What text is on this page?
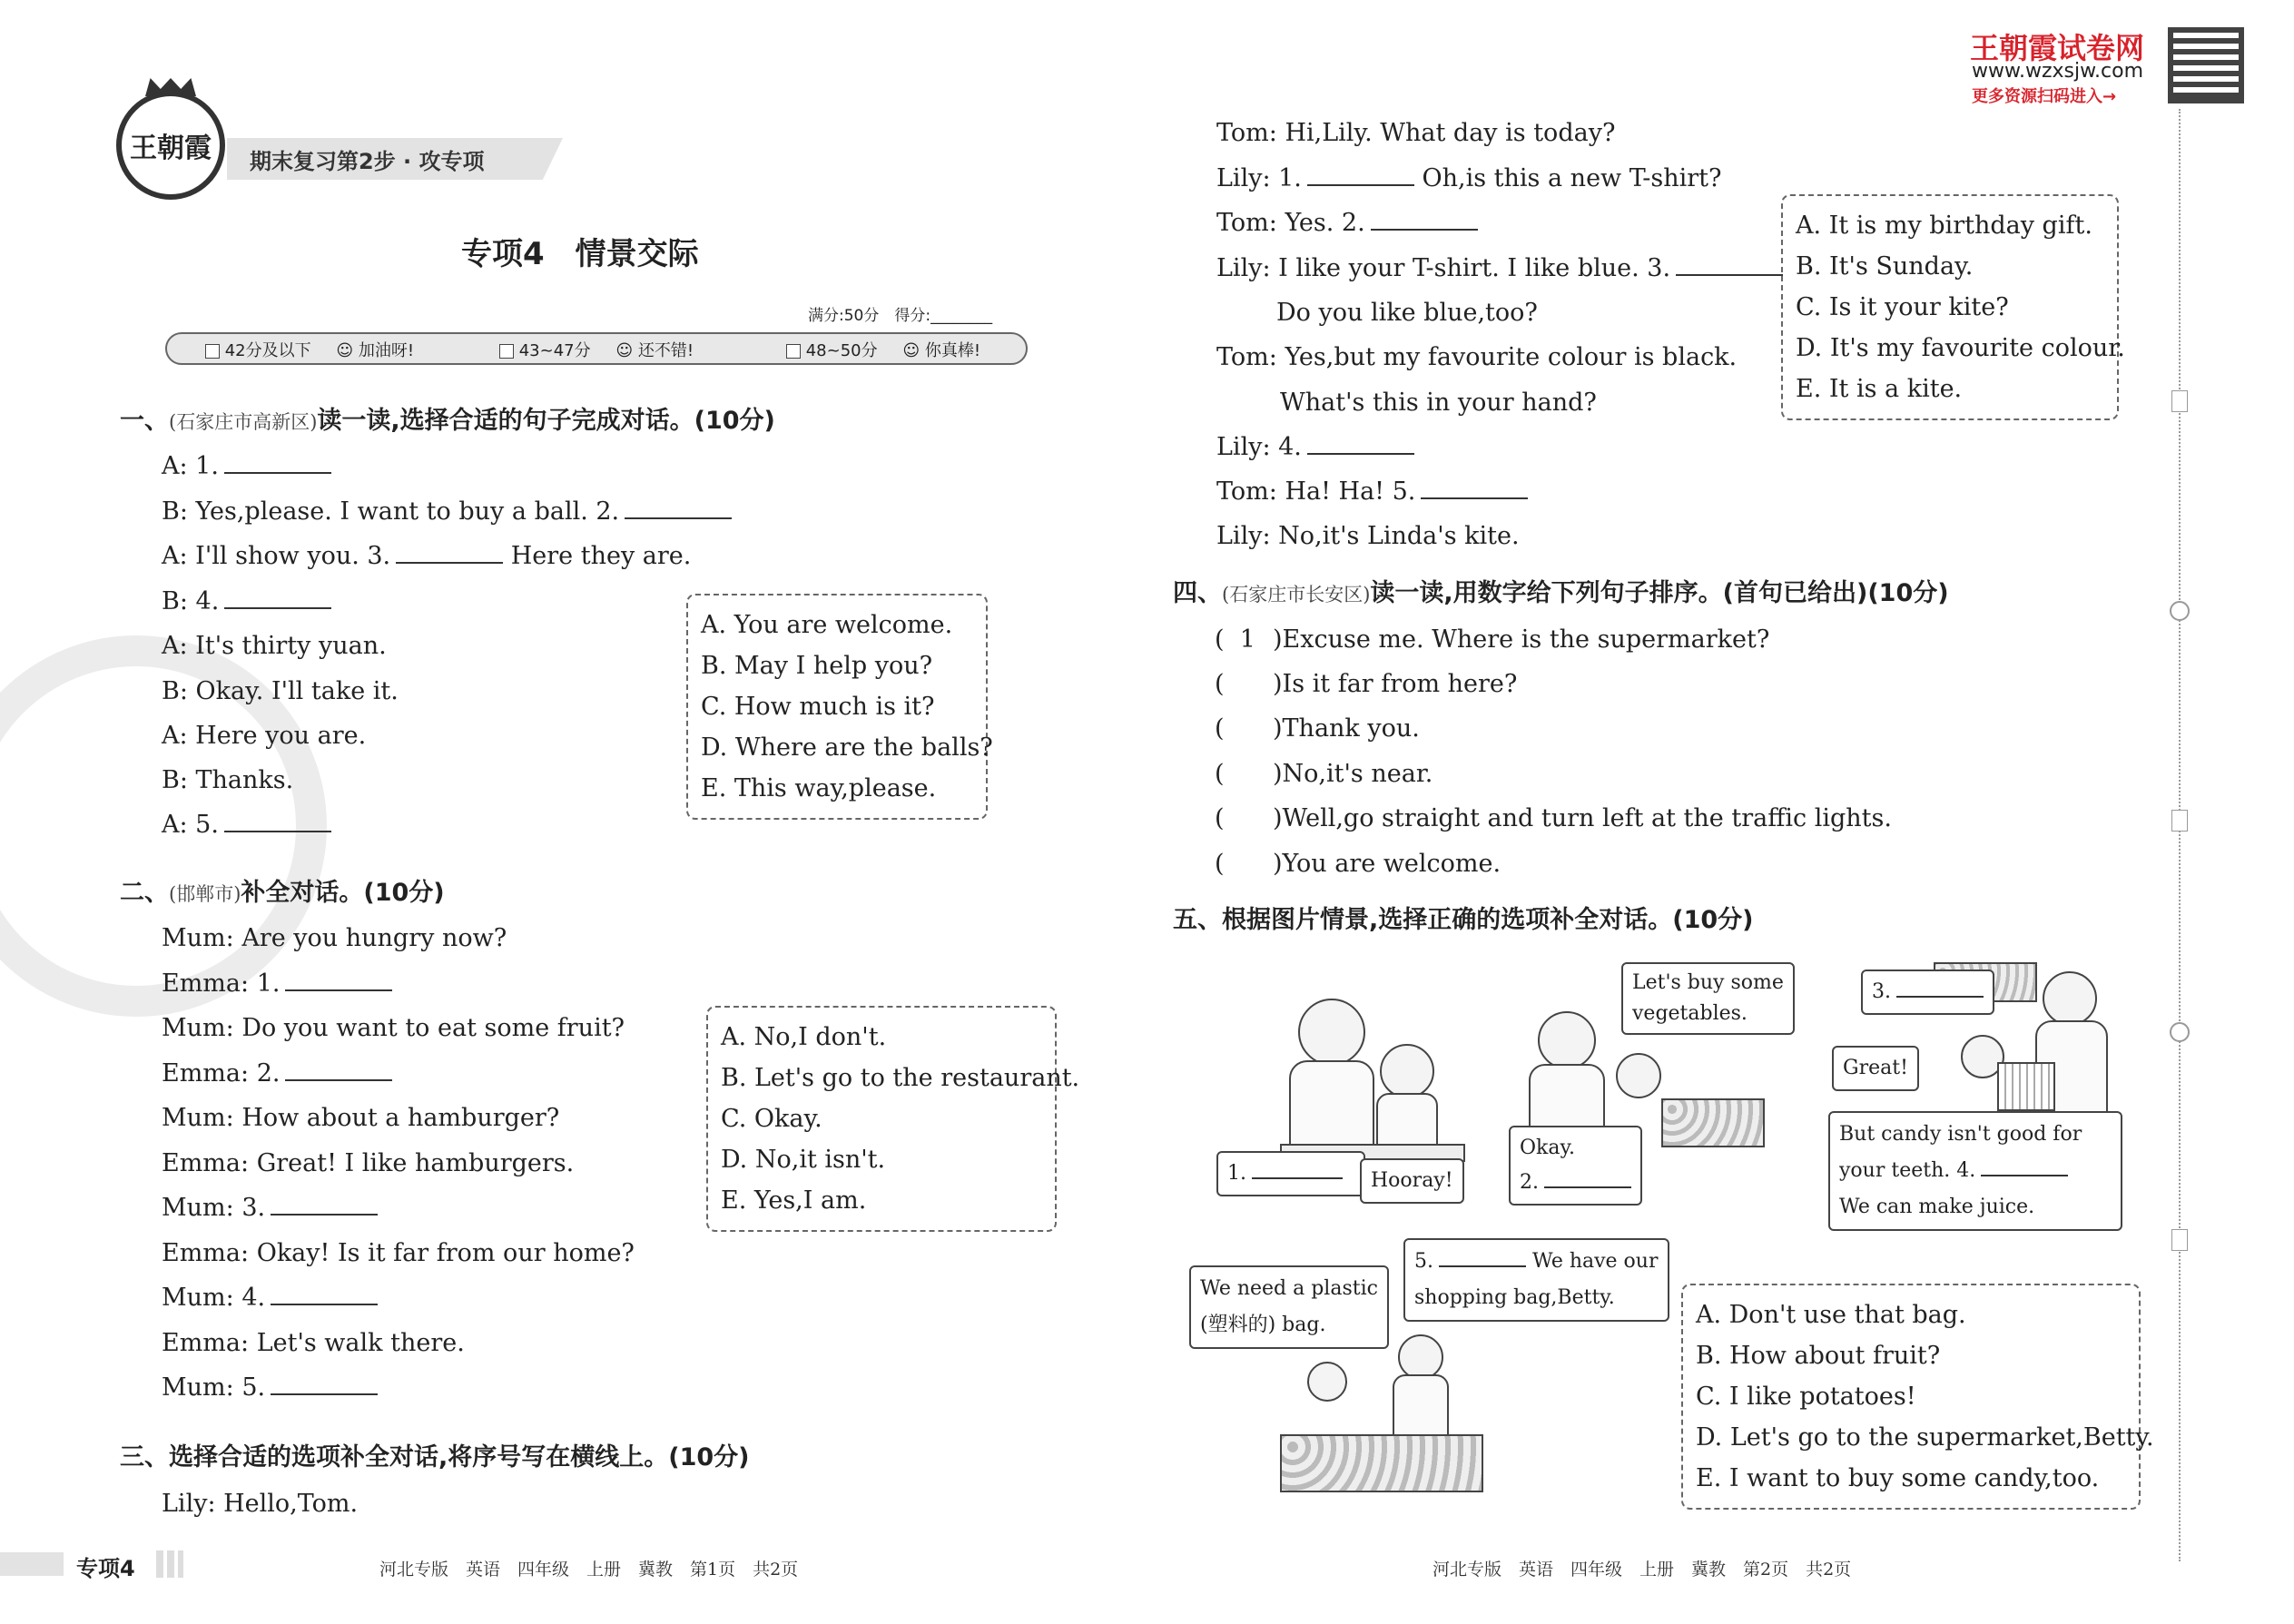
王朝霞 期末复习第2步 · 攻专项
专项4　情景交际
满分:50分　得分:________
42分及以下 ☺ 加油呀!	43~47分 ☺ 还不错!	48~50分 ☺ 你真棒!
一、(石家庄市高新区)读一读,选择合适的句子完成对话。(10分)
A: 1.
B: Yes,please. I want to buy a ball. 2.
A: I'll show you. 3.	Here they are.
B: 4.
A: It's thirty yuan.
B: Okay. I'll take it.
A: Here you are.
B: Thanks.
A: 5.
A. You are welcome.
B. May I help you?
C. How much is it?
D. Where are the balls?
E. This way,please.
二、(邯郸市)补全对话。(10分)
Mum: Are you hungry now?
Emma: 1.
Mum: Do you want to eat some fruit?
Emma: 2.
Mum: How about a hamburger?
Emma: Great! I like hamburgers.
Mum: 3.
Emma: Okay! Is it far from our home?
Mum: 4.
Emma: Let's walk there.
Mum: 5.
A. No,I don't.
B. Let's go to the restaurant.
C. Okay.
D. No,it isn't.
E. Yes,I am.
三、选择合适的选项补全对话,将序号写在横线上。(10分)
Lily: Hello,Tom.
专项4	河北专版　英语　四年级　上册　冀教　第1页　共2页
王朝霞试卷网
www.wzxsjw.com
更多资源扫码进入→
Tom: Hi,Lily. What day is today?
Lily: 1.	Oh,is this a new T-shirt?
Tom: Yes. 2.
Lily: I like your T-shirt. I like blue. 3.
Do you like blue,too?
Tom: Yes,but my favourite colour is black.
What's this in your hand?
Lily: 4.
Tom: Ha! Ha! 5.
Lily: No,it's Linda's kite.
A. It is my birthday gift.
B. It's Sunday.
C. Is it your kite?
D. It's my favourite colour.
E. It is a kite.
四、(石家庄市长安区)读一读,用数字给下列句子排序。(首句已给出)(10分)
(  1 )Excuse me. Where is the supermarket?
( )Is it far from here?
( )Thank you.
( )No,it's near.
( )Well,go straight and turn left at the traffic lights.
( )You are welcome.
五、根据图片情景,选择正确的选项补全对话。(10分)
1.	Hooray!
Let's buy some
vegetables.
Okay.
2.
3.
Great!
But candy isn't good for
your teeth. 4.
We can make juice.
We need a plastic
(塑料的) bag.
5.	We have our
shopping bag,Betty.
A. Don't use that bag.
B. How about fruit?
C. I like potatoes!
D. Let's go to the supermarket,Betty.
E. I want to buy some candy,too.
河北专版　英语　四年级　上册　冀教　第2页　共2页
